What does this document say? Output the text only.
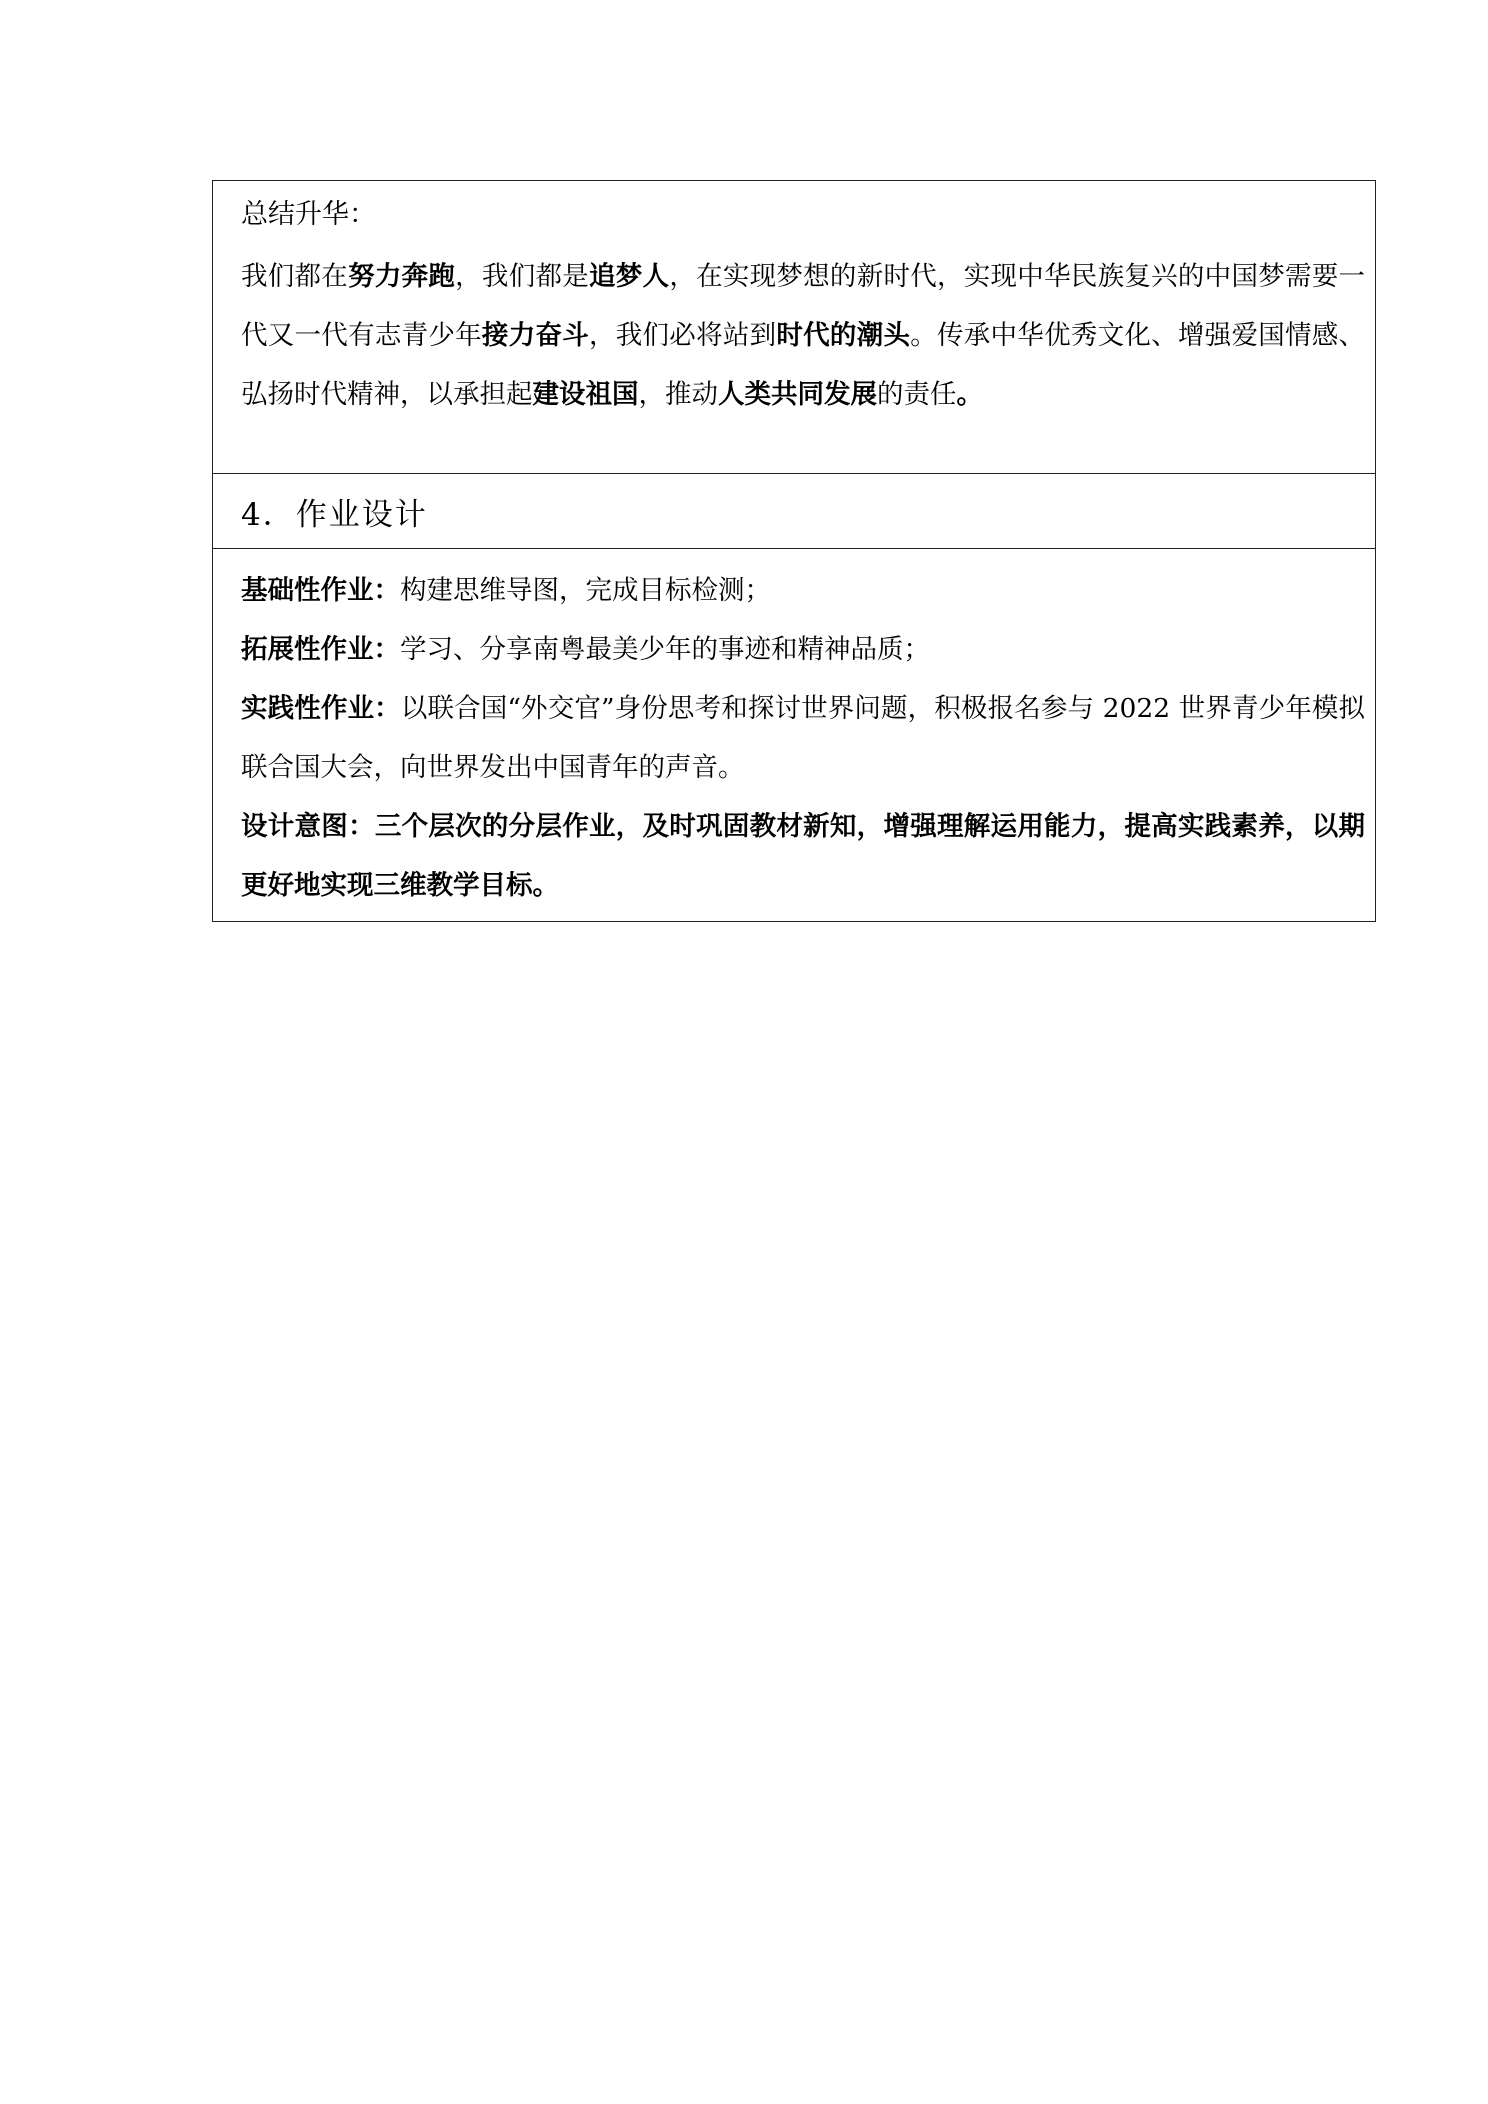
总结升华：

我们都在努力奔跑，我们都是追梦人，在实现梦想的新时代，实现中华民族复兴的中国梦需要一代又一代有志青少年接力奋斗，我们必将站到时代的潮头。传承中华优秀文化、增强爱国情感、弘扬时代精神，以承担起建设祖国，推动人类共同发展的责任。

4．作业设计

基础性作业：构建思维导图，完成目标检测；

拓展性作业：学习、分享南粤最美少年的事迹和精神品质；

实践性作业：以联合国“外交官”身份思考和探讨世界问题，积极报名参与 2022 世界青少年模拟联合国大会，向世界发出中国青年的声音。

设计意图：三个层次的分层作业，及时巩固教材新知，增强理解运用能力，提高实践素养，以期更好地实现三维教学目标。
